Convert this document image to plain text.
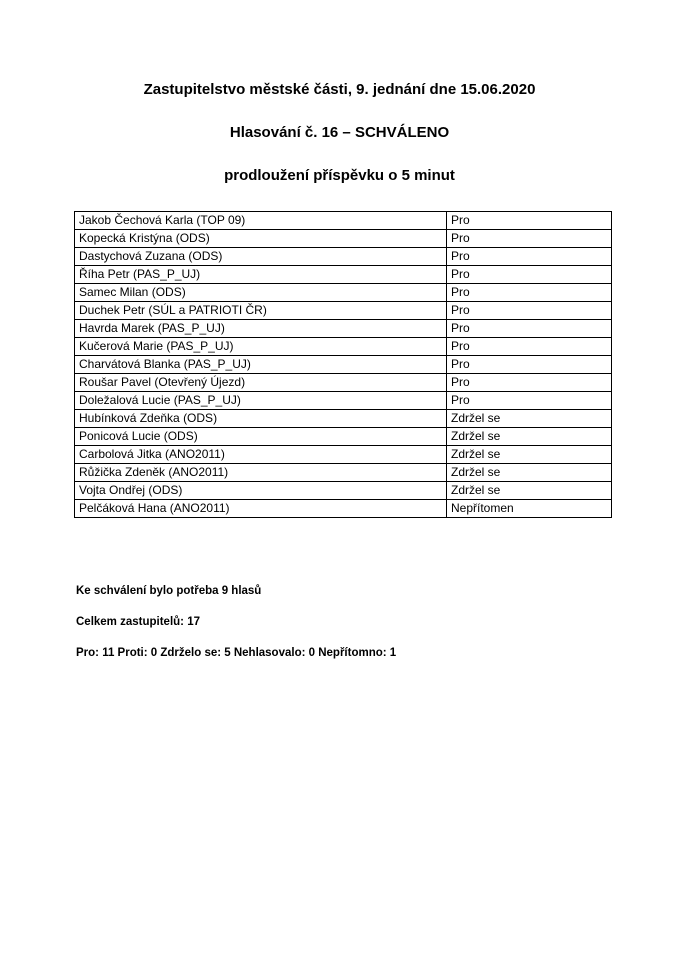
Zastupitelstvo městské části, 9. jednání dne 15.06.2020
Hlasování č. 16 – SCHVÁLENO
prodloužení příspěvku o 5 minut
Jakob Čechová Karla (TOP 09)	Pro
Kopecká Kristýna (ODS)	Pro
Dastychová Zuzana (ODS)	Pro
Říha Petr (PAS_P_UJ)	Pro
Samec Milan (ODS)	Pro
Duchek Petr (SÚL a PATRIOTI ČR)	Pro
Havrda Marek (PAS_P_UJ)	Pro
Kučerová Marie (PAS_P_UJ)	Pro
Charvátová Blanka (PAS_P_UJ)	Pro
Roušar Pavel (Otevřený Újezd)	Pro
Doležalová Lucie (PAS_P_UJ)	Pro
Hubínková Zdeňka (ODS)	Zdržel se
Ponicová Lucie (ODS)	Zdržel se
Carbolová Jitka (ANO2011)	Zdržel se
Růžička Zdeněk (ANO2011)	Zdržel se
Vojta Ondřej (ODS)	Zdržel se
Pelčáková Hana (ANO2011)	Nepřítomen
Ke schválení bylo potřeba 9 hlasů
Celkem zastupitelů: 17
Pro: 11 Proti: 0 Zdrželo se: 5 Nehlasovalo: 0 Nepřítomno: 1
